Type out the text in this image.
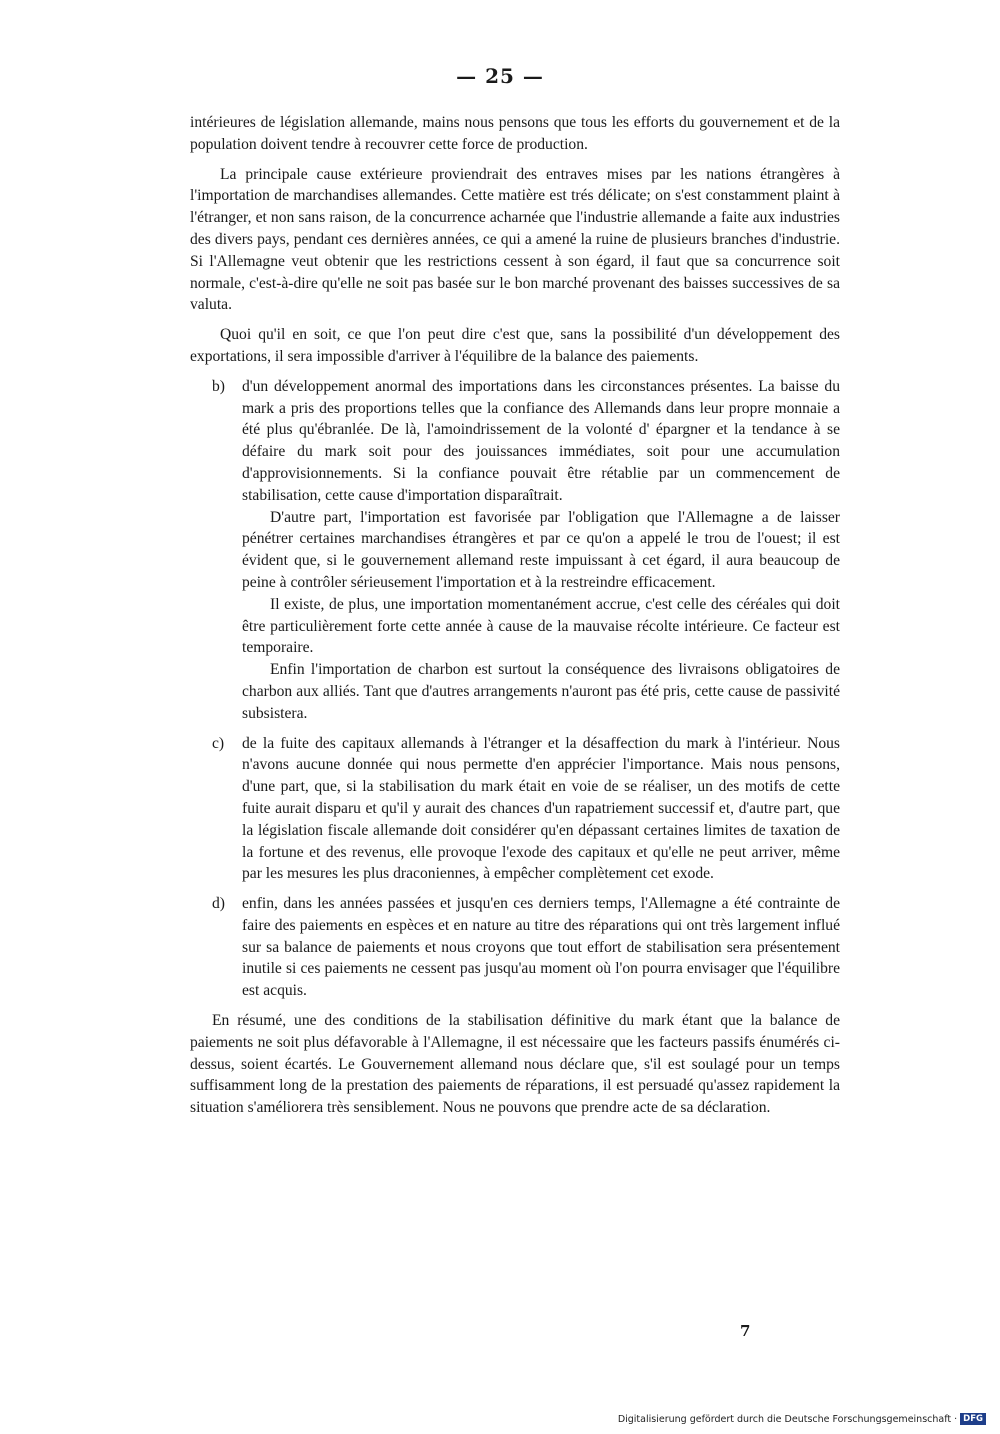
— 25 —

intérieures de législation allemande, mains nous pensons que tous les efforts du gouvernement et de la population doivent tendre à recouvrer cette force de production.

La principale cause extérieure proviendrait des entraves mises par les nations étrangères à l'importation de marchandises allemandes. Cette matière est trés délicate; on s'est constamment plaint à l'étranger, et non sans raison, de la concurrence acharnée que l'industrie allemande a faite aux industries des divers pays, pendant ces dernières années, ce qui a amené la ruine de plusieurs branches d'industrie. Si l'Allemagne veut obtenir que les restrictions cessent à son égard, il faut que sa concurrence soit normale, c'est-à-dire qu'elle ne soit pas basée sur le bon marché provenant des baisses successives de sa valuta.

Quoi qu'il en soit, ce que l'on peut dire c'est que, sans la possibilité d'un développement des exportations, il sera impossible d'arriver à l'équilibre de la balance des paiements.

b) d'un développement anormal des importations dans les circonstances présentes. La baisse du mark a pris des proportions telles que la confiance des Allemands dans leur propre monnaie a été plus qu'ébranlée. De là, l'amoindrissement de la volonté d' épargner et la tendance à se défaire du mark soit pour des jouissances immédiates, soit pour une accumulation d'approvisionnements. Si la confiance pouvait être rétablie par un commencement de stabilisation, cette cause d'importation disparaîtrait.

D'autre part, l'importation est favorisée par l'obligation que l'Allemagne a de laisser pénétrer certaines marchandises étrangères et par ce qu'on a appelé le trou de l'ouest; il est évident que, si le gouvernement allemand reste impuissant à cet égard, il aura beaucoup de peine à contrôler sérieusement l'importation et à la restreindre efficacement.

Il existe, de plus, une importation momentanément accrue, c'est celle des céréales qui doit être particulièrement forte cette année à cause de la mauvaise récolte intérieure. Ce facteur est temporaire.

Enfin l'importation de charbon est surtout la conséquence des livraisons obligatoires de charbon aux alliés. Tant que d'autres arrangements n'auront pas été pris, cette cause de passivité subsistera.

c) de la fuite des capitaux allemands à l'étranger et la désaffection du mark à l'intérieur. Nous n'avons aucune donnée qui nous permette d'en apprécier l'importance. Mais nous pensons, d'une part, que, si la stabilisation du mark était en voie de se réaliser, un des motifs de cette fuite aurait disparu et qu'il y aurait des chances d'un rapatriement successif et, d'autre part, que la législation fiscale allemande doit considérer qu'en dépassant certaines limites de taxation de la fortune et des revenus, elle provoque l'exode des capitaux et qu'elle ne peut arriver, même par les mesures les plus draconiennes, à empêcher complètement cet exode.

d) enfin, dans les années passées et jusqu'en ces derniers temps, l'Allemagne a été contrainte de faire des paiements en espèces et en nature au titre des réparations qui ont très largement influé sur sa balance de paiements et nous croyons que tout effort de stabilisation sera présentement inutile si ces paiements ne cessent pas jusqu'au moment où l'on pourra envisager que l'équilibre est acquis.

En résumé, une des conditions de la stabilisation définitive du mark étant que la balance de paiements ne soit plus défavorable à l'Allemagne, il est nécessaire que les facteurs passifs énumérés ci-dessus, soient écartés. Le Gouvernement allemand nous déclare que, s'il est soulagé pour un temps suffisamment long de la prestation des paiements de réparations, il est persuadé qu'assez rapidement la situation s'améliorera très sensiblement. Nous ne pouvons que prendre acte de sa déclaration.

7
Digitalisierung gefördert durch die Deutsche Forschungsgemeinschaft · DFG
